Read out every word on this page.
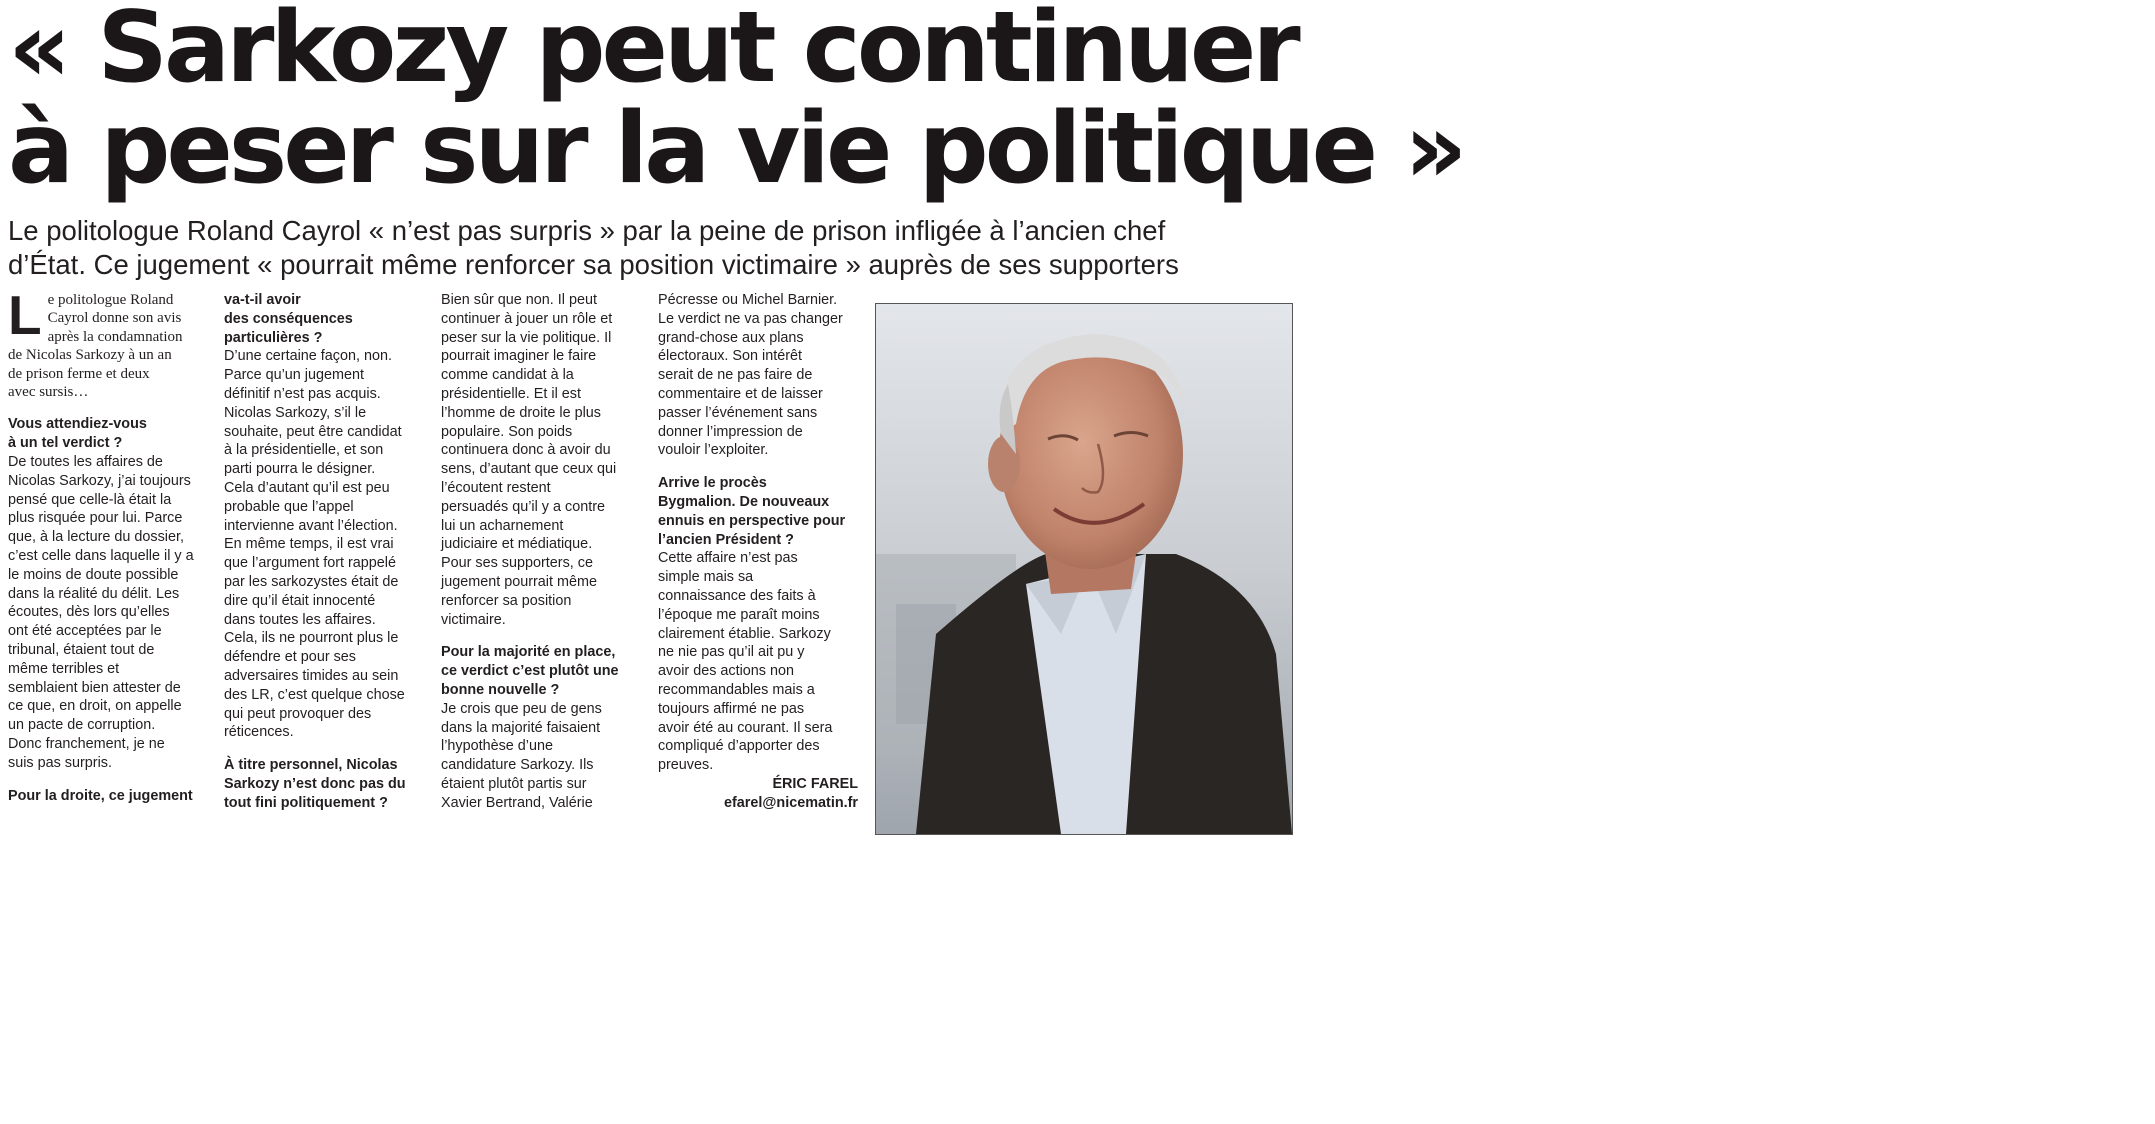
« Sarkozy peut continuer
à peser sur la vie politique »
Le politologue Roland Cayrol « n’est pas surpris » par la peine de prison infligée à l’ancien chef
d’État. Ce jugement « pourrait même renforcer sa position victimaire » auprès de ses supporters
L e politologue Roland
Cayrol donne son avis
après la condamnation
de Nicolas Sarkozy à un an
de prison ferme et deux
avec sursis…
Vous attendiez-vous
à un tel verdict ?
De toutes les affaires de
Nicolas Sarkozy, j’ai toujours
pensé que celle-là était la
plus risquée pour lui. Parce
que, à la lecture du dossier,
c’est celle dans laquelle il y a
le moins de doute possible
dans la réalité du délit. Les
écoutes, dès lors qu’elles
ont été acceptées par le
tribunal, étaient tout de
même terribles et
semblaient bien attester de
ce que, en droit, on appelle
un pacte de corruption.
Donc franchement, je ne
suis pas surpris.
Pour la droite, ce jugement
va-t-il avoir
des conséquences
particulières ?
D’une certaine façon, non.
Parce qu’un jugement
définitif n’est pas acquis.
Nicolas Sarkozy, s’il le
souhaite, peut être candidat
à la présidentielle, et son
parti pourra le désigner.
Cela d’autant qu’il est peu
probable que l’appel
intervienne avant l’élection.
En même temps, il est vrai
que l’argument fort rappelé
par les sarkozystes était de
dire qu’il était innocenté
dans toutes les affaires.
Cela, ils ne pourront plus le
défendre et pour ses
adversaires timides au sein
des LR, c’est quelque chose
qui peut provoquer des
réticences.
À titre personnel, Nicolas
Sarkozy n’est donc pas du
tout fini politiquement ?
Bien sûr que non. Il peut
continuer à jouer un rôle et
peser sur la vie politique. Il
pourrait imaginer le faire
comme candidat à la
présidentielle. Et il est
l’homme de droite le plus
populaire. Son poids
continuera donc à avoir du
sens, d’autant que ceux qui
l’écoutent restent
persuadés qu’il y a contre
lui un acharnement
judiciaire et médiatique.
Pour ses supporters, ce
jugement pourrait même
renforcer sa position
victimaire.
Pour la majorité en place,
ce verdict c’est plutôt une
bonne nouvelle ?
Je crois que peu de gens
dans la majorité faisaient
l’hypothèse d’une
candidature Sarkozy. Ils
étaient plutôt partis sur
Xavier Bertrand, Valérie
Pécresse ou Michel Barnier.
Le verdict ne va pas changer
grand-chose aux plans
électoraux. Son intérêt
serait de ne pas faire de
commentaire et de laisser
passer l’événement sans
donner l’impression de
vouloir l’exploiter.
Arrive le procès
Bygmalion. De nouveaux
ennuis en perspective pour
l’ancien Président ?
Cette affaire n’est pas
simple mais sa
connaissance des faits à
l’époque me paraît moins
clairement établie. Sarkozy
ne nie pas qu’il ait pu y
avoir des actions non
recommandables mais a
toujours affirmé ne pas
avoir été au courant. Il sera
compliqué d’apporter des
preuves.
ÉRIC FAREL
efarel@nicematin.fr
(Photo doc Nice-Matin)
